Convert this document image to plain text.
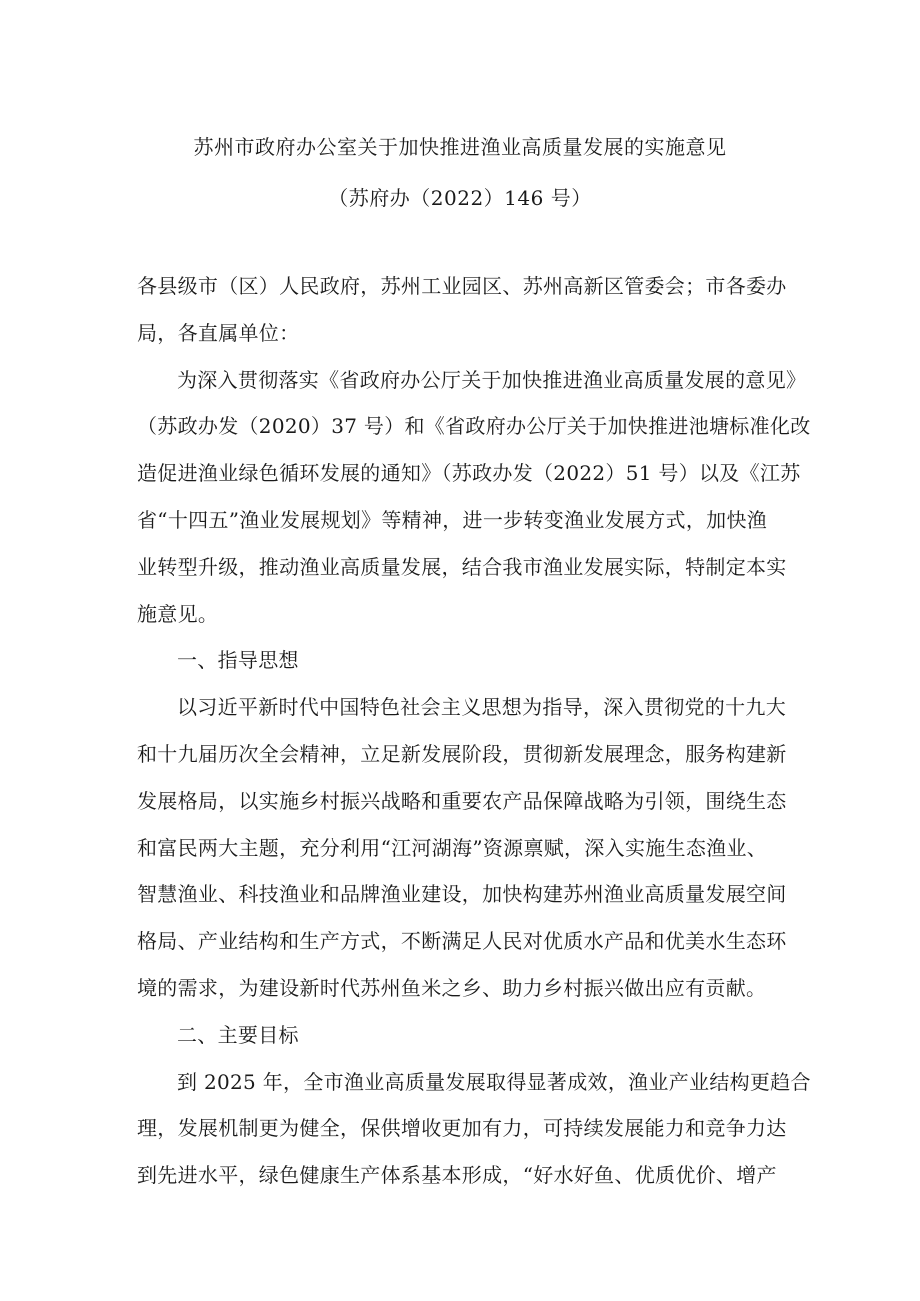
苏州市政府办公室关于加快推进渔业高质量发展的实施意见
（苏府办（2022）146 号）
各县级市（区）人民政府，苏州工业园区、苏州高新区管委会；市各委办
局，各直属单位：
为深入贯彻落实《省政府办公厅关于加快推进渔业高质量发展的意见》
（苏政办发（2020）37 号）和《省政府办公厅关于加快推进池塘标准化改
造促进渔业绿色循环发展的通知》（苏政办发（2022）51 号）以及《江苏
省“十四五”渔业发展规划》等精神，进一步转变渔业发展方式，加快渔
业转型升级，推动渔业高质量发展，结合我市渔业发展实际，特制定本实
施意见。
一、指导思想
以习近平新时代中国特色社会主义思想为指导，深入贯彻党的十九大
和十九届历次全会精神，立足新发展阶段，贯彻新发展理念，服务构建新
发展格局，以实施乡村振兴战略和重要农产品保障战略为引领，围绕生态
和富民两大主题，充分利用“江河湖海”资源禀赋，深入实施生态渔业、
智慧渔业、科技渔业和品牌渔业建设，加快构建苏州渔业高质量发展空间
格局、产业结构和生产方式，不断满足人民对优质水产品和优美水生态环
境的需求，为建设新时代苏州鱼米之乡、助力乡村振兴做出应有贡献。
二、主要目标
到 2025 年，全市渔业高质量发展取得显著成效，渔业产业结构更趋合
理，发展机制更为健全，保供增收更加有力，可持续发展能力和竞争力达
到先进水平，绿色健康生产体系基本形成，“好水好鱼、优质优价、增产
